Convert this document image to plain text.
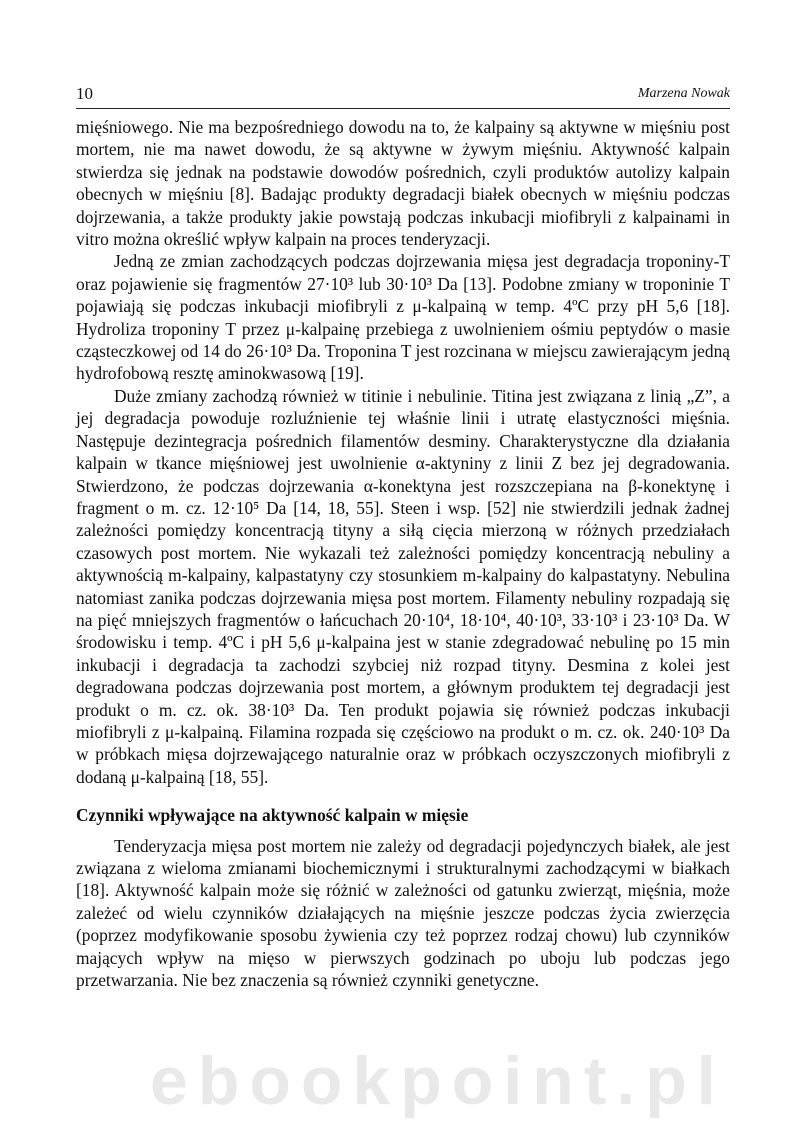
10	Marzena Nowak

mięśniowego. Nie ma bezpośredniego dowodu na to, że kalpainy są aktywne w mięśniu post mortem, nie ma nawet dowodu, że są aktywne w żywym mięśniu. Aktywność kalpain stwierdza się jednak na podstawie dowodów pośrednich, czyli produktów autolizy kalpain obecnych w mięśniu [8]. Badając produkty degradacji białek obecnych w mięśniu podczas dojrzewania, a także produkty jakie powstają podczas inkubacji miofibryli z kalpainami in vitro można określić wpływ kalpain na proces tenderyzacji.

Jedną ze zmian zachodzących podczas dojrzewania mięsa jest degradacja troponiny-T oraz pojawienie się fragmentów 27·10³ lub 30·10³ Da [13]. Podobne zmiany w troponinie T pojawiają się podczas inkubacji miofibryli z μ-kalpainą w temp. 4ºC przy pH 5,6 [18]. Hydroliza troponiny T przez μ-kalpainę przebiega z uwolnieniem ośmiu peptydów o masie cząsteczkowej od 14 do 26·10³ Da. Troponina T jest rozcinana w miejscu zawierającym jedną hydrofobową resztę aminokwasową [19].

Duże zmiany zachodzą również w titinie i nebulinie. Titina jest związana z linią „Z”, a jej degradacja powoduje rozluźnienie tej właśnie linii i utratę elastyczności mięśnia. Następuje dezintegracja pośrednich filamentów desminy. Charakterystyczne dla działania kalpain w tkance mięśniowej jest uwolnienie α-aktyniny z linii Z bez jej degradowania. Stwierdzono, że podczas dojrzewania α-konektyna jest rozszczepiana na β-konektynę i fragment o m. cz. 12·10⁵ Da [14, 18, 55]. Steen i wsp. [52] nie stwierdzili jednak żadnej zależności pomiędzy koncentracją tityny a siłą cięcia mierzoną w różnych przedziałach czasowych post mortem. Nie wykazali też zależności pomiędzy koncentracją nebuliny a aktywnością m-kalpainy, kalpastatyny czy stosunkiem m-kalpainy do kalpastatyny. Nebulina natomiast zanika podczas dojrzewania mięsa post mortem. Filamenty nebuliny rozpadają się na pięć mniejszych fragmentów o łańcuchach 20·10⁴, 18·10⁴, 40·10³, 33·10³ i 23·10³ Da. W środowisku i temp. 4ºC i pH 5,6 μ-kalpaina jest w stanie zdegradować nebulinę po 15 min inkubacji i degradacja ta zachodzi szybciej niż rozpad tityny. Desmina z kolei jest degradowana podczas dojrzewania post mortem, a głównym produktem tej degradacji jest produkt o m. cz. ok. 38·10³ Da. Ten produkt pojawia się również podczas inkubacji miofibryli z μ-kalpainą. Filamina rozpada się częściowo na produkt o m. cz. ok. 240·10³ Da w próbkach mięsa dojrzewającego naturalnie oraz w próbkach oczyszczonych miofibryli z dodaną μ-kalpainą [18, 55].

Czynniki wpływające na aktywność kalpain w mięsie

Tenderyzacja mięsa post mortem nie zależy od degradacji pojedynczych białek, ale jest związana z wieloma zmianami biochemicznymi i strukturalnymi zachodzącymi w białkach [18]. Aktywność kalpain może się różnić w zależności od gatunku zwierząt, mięśnia, może zależeć od wielu czynników działających na mięśnie jeszcze podczas życia zwierzęcia (poprzez modyfikowanie sposobu żywienia czy też poprzez rodzaj chowu) lub czynników mających wpływ na mięso w pierwszych godzinach po uboju lub podczas jego przetwarzania. Nie bez znaczenia są również czynniki genetyczne.

ebookpoint.pl
